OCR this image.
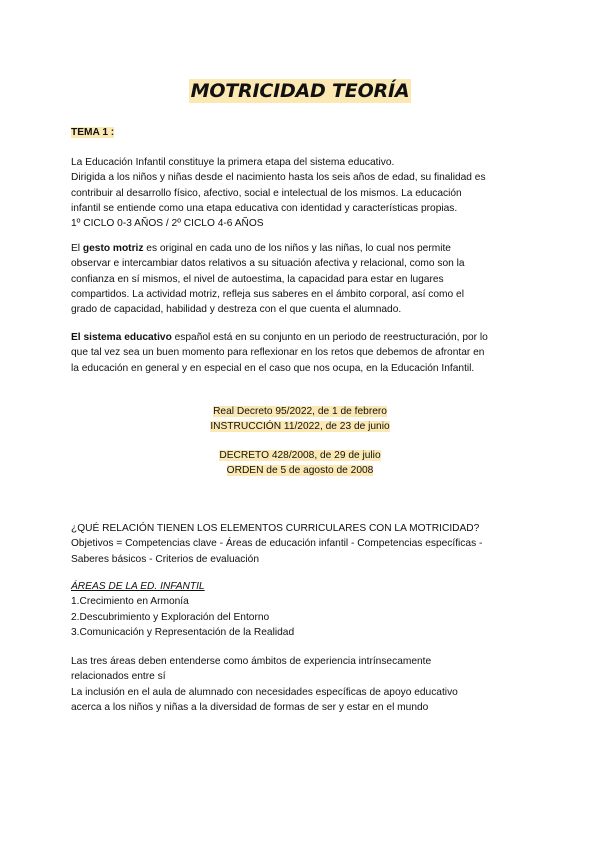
MOTRICIDAD TEORÍA
TEMA 1 :

La Educación Infantil constituye la primera etapa del sistema educativo.

Dirigida a los niños y niñas desde el nacimiento hasta los seis años de edad, su finalidad es

contribuir al desarrollo físico, afectivo, social e intelectual de los mismos. La educación

infantil se entiende como una etapa educativa con identidad y características propias.

1º CICLO 0-3 AÑOS / 2º CICLO 4-6 AÑOS

El gesto motriz es original en cada uno de los niños y las niñas, lo cual nos permite

observar e intercambiar datos relativos a su situación afectiva y relacional, como son la

confianza en sí mismos, el nivel de autoestima, la capacidad para estar en lugares

compartidos. La actividad motriz, refleja sus saberes en el ámbito corporal, así como el

grado de capacidad, habilidad y destreza con el que cuenta el alumnado.

El sistema educativo español está en su conjunto en un periodo de reestructuración, por lo

que tal vez sea un buen momento para reflexionar en los retos que debemos de afrontar en

la educación en general y en especial en el caso que nos ocupa, en la Educación Infantil.

Real Decreto 95/2022, de 1 de febrero

INSTRUCCIÓN 11/2022, de 23 de junio

DECRETO 428/2008, de 29 de julio

ORDEN de 5 de agosto de 2008

¿QUÉ RELACIÓN TIENEN LOS ELEMENTOS CURRICULARES CON LA MOTRICIDAD?

Objetivos = Competencias clave - Áreas de educación infantil - Competencias específicas -

Saberes básicos - Criterios de evaluación

ÁREAS DE LA ED. INFANTIL

1.Crecimiento en Armonía

2.Descubrimiento y Exploración del Entorno

3.Comunicación y Representación de la Realidad

Las tres áreas deben entenderse como ámbitos de experiencia intrínsecamente

relacionados entre sí

La inclusión en el aula de alumnado con necesidades específicas de apoyo educativo

acerca a los niños y niñas a la diversidad de formas de ser y estar en el mundo
